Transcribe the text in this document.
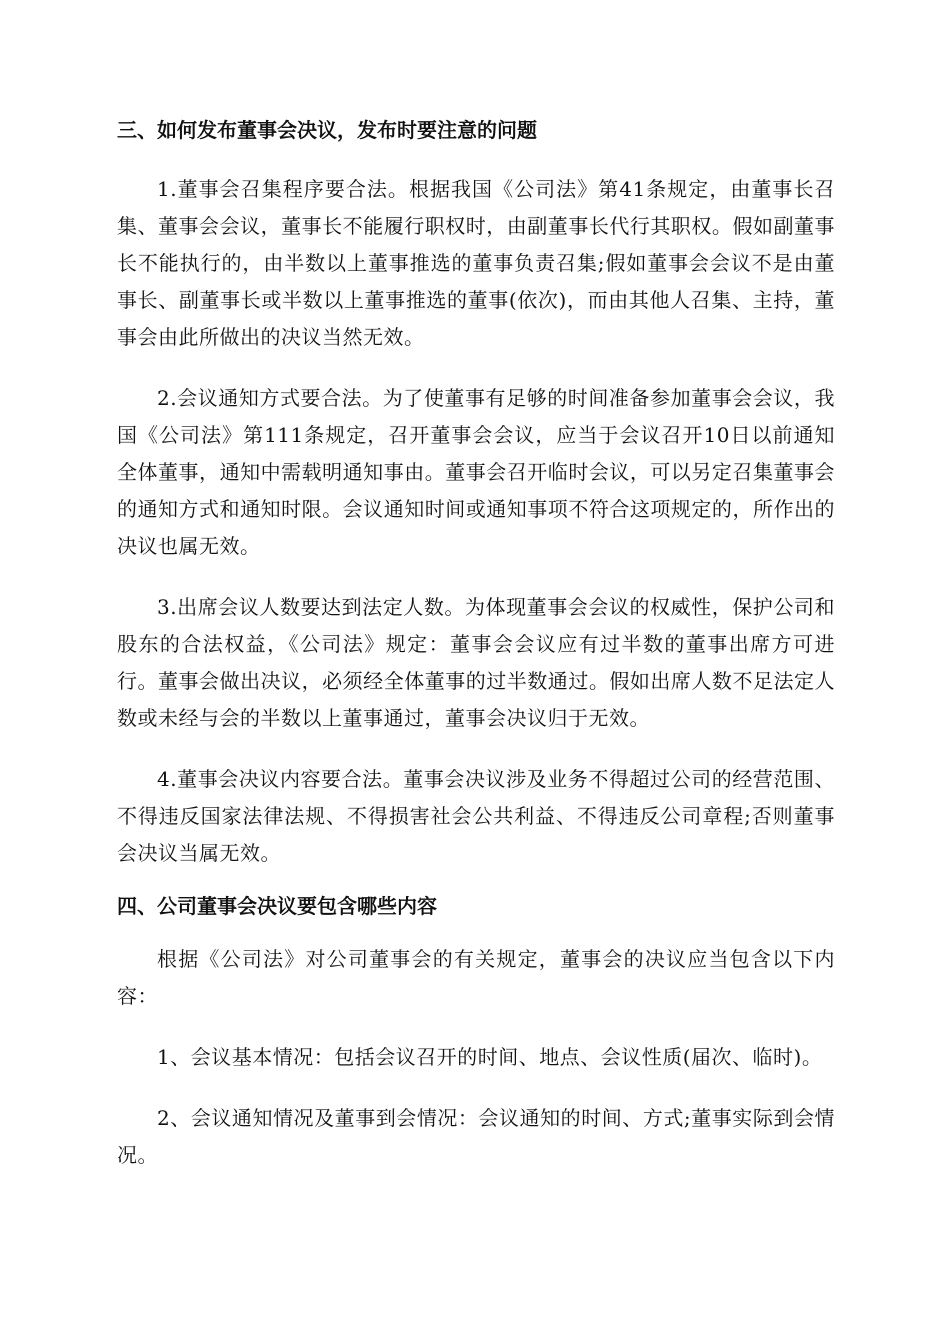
三、如何发布董事会决议，发布时要注意的问题

1.董事会召集程序要合法。根据我国《公司法》第41条规定，由董事长召集、董事会会议，董事长不能履行职权时，由副董事长代行其职权。假如副董事长不能执行的，由半数以上董事推选的董事负责召集;假如董事会会议不是由董事长、副董事长或半数以上董事推选的董事(依次)，而由其他人召集、主持，董事会由此所做出的决议当然无效。

2.会议通知方式要合法。为了使董事有足够的时间准备参加董事会会议，我国《公司法》第111条规定，召开董事会会议，应当于会议召开10日以前通知全体董事，通知中需载明通知事由。董事会召开临时会议，可以另定召集董事会的通知方式和通知时限。会议通知时间或通知事项不符合这项规定的，所作出的决议也属无效。

3.出席会议人数要达到法定人数。为体现董事会会议的权威性，保护公司和股东的合法权益，《公司法》规定：董事会会议应有过半数的董事出席方可进行。董事会做出决议，必须经全体董事的过半数通过。假如出席人数不足法定人数或未经与会的半数以上董事通过，董事会决议归于无效。

4.董事会决议内容要合法。董事会决议涉及业务不得超过公司的经营范围、不得违反国家法律法规、不得损害社会公共利益、不得违反公司章程;否则董事会决议当属无效。

四、公司董事会决议要包含哪些内容

根据《公司法》对公司董事会的有关规定，董事会的决议应当包含以下内容：

1、会议基本情况：包括会议召开的时间、地点、会议性质(届次、临时)。

2、会议通知情况及董事到会情况：会议通知的时间、方式;董事实际到会情况。
